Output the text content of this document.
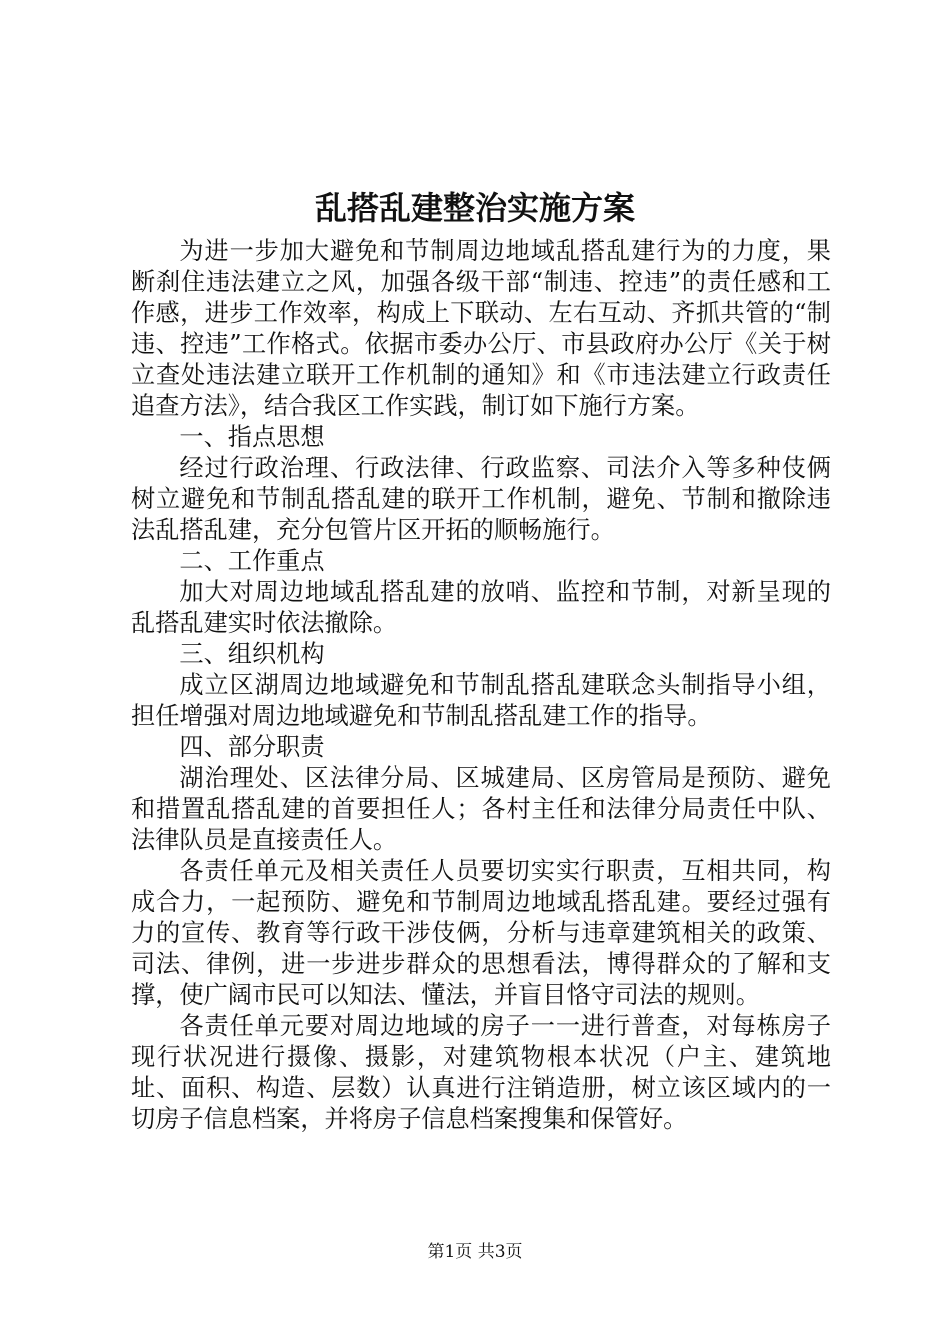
乱搭乱建整治实施方案

为进一步加大避免和节制周边地域乱搭乱建行为的力度，果断刹住违法建立之风，加强各级干部“制违、控违”的责任感和工作感，进步工作效率，构成上下联动、左右互动、齐抓共管的“制违、控违”工作格式。依据市委办公厅、市县政府办公厅《关于树立查处违法建立联开工作机制的通知》和《市违法建立行政责任追查方法》，结合我区工作实践，制订如下施行方案。

一、指点思想

经过行政治理、行政法律、行政监察、司法介入等多种伎俩树立避免和节制乱搭乱建的联开工作机制，避免、节制和撤除违法乱搭乱建，充分包管片区开拓的顺畅施行。

二、工作重点

加大对周边地域乱搭乱建的放哨、监控和节制，对新呈现的乱搭乱建实时依法撤除。

三、组织机构

成立区湖周边地域避免和节制乱搭乱建联念头制指导小组，担任增强对周边地域避免和节制乱搭乱建工作的指导。

四、部分职责

湖治理处、区法律分局、区城建局、区房管局是预防、避免和措置乱搭乱建的首要担任人；各村主任和法律分局责任中队、法律队员是直接责任人。

各责任单元及相关责任人员要切实实行职责，互相共同，构成合力，一起预防、避免和节制周边地域乱搭乱建。要经过强有力的宣传、教育等行政干涉伎俩，分析与违章建筑相关的政策、司法、律例，进一步进步群众的思想看法，博得群众的了解和支撑，使广阔市民可以知法、懂法，并盲目恪守司法的规则。

各责任单元要对周边地域的房子一一进行普查，对每栋房子现行状况进行摄像、摄影，对建筑物根本状况（户主、建筑地址、面积、构造、层数）认真进行注销造册，树立该区域内的一切房子信息档案，并将房子信息档案搜集和保管好。

第1页 共3页
